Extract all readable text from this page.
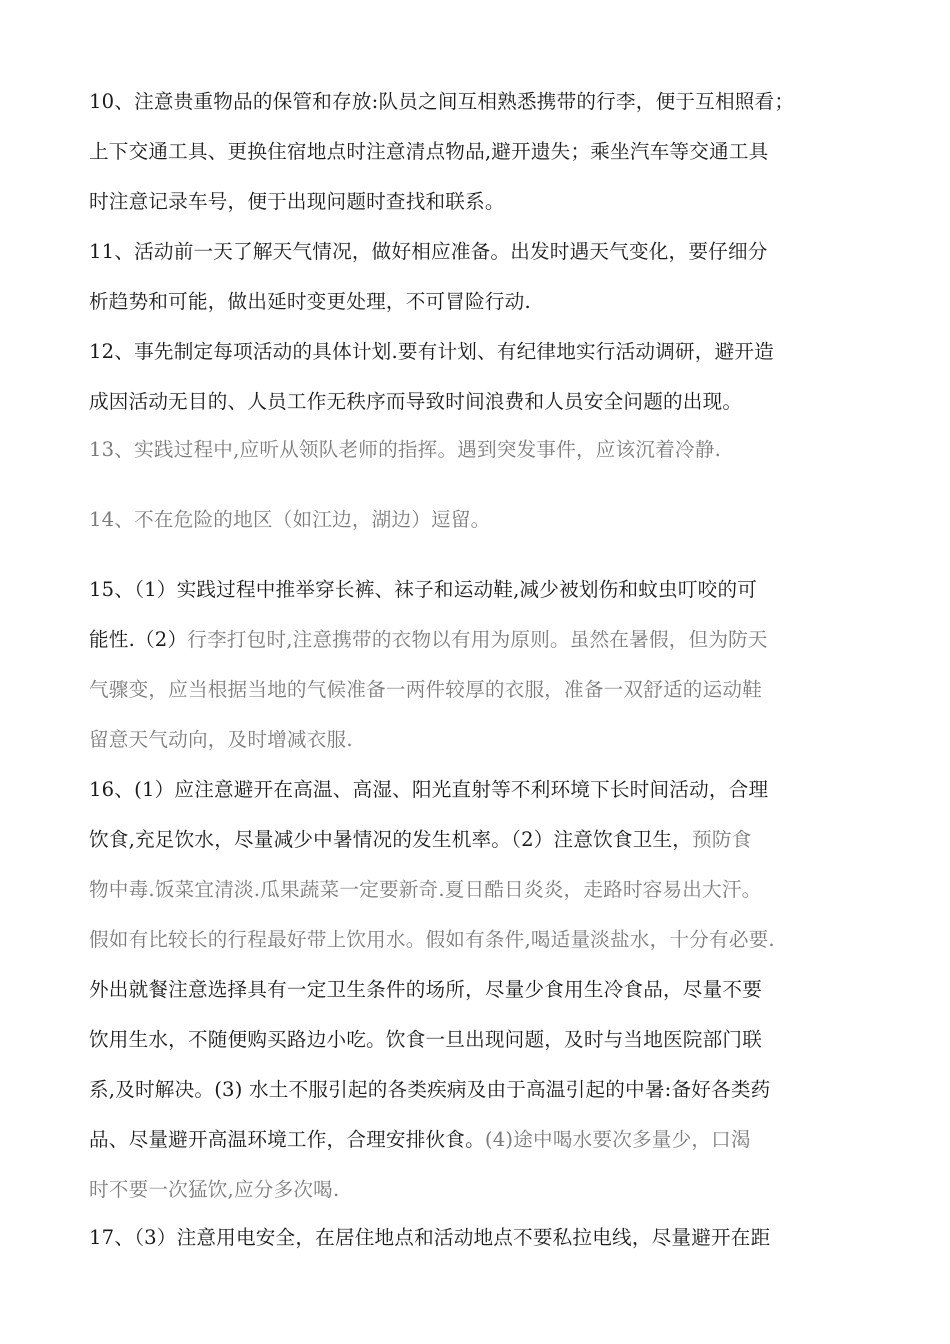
10、注意贵重物品的保管和存放:队员之间互相熟悉携带的行李，便于互相照看；
上下交通工具、更换住宿地点时注意清点物品,避开遗失；乘坐汽车等交通工具
时注意记录车号，便于出现问题时查找和联系。
11、活动前一天了解天气情况，做好相应准备。出发时遇天气变化，要仔细分
析趋势和可能，做出延时变更处理，不可冒险行动.
12、事先制定每项活动的具体计划.要有计划、有纪律地实行活动调研，避开造
成因活动无目的、人员工作无秩序而导致时间浪费和人员安全问题的出现。
13、实践过程中,应听从领队老师的指挥。遇到突发事件，应该沉着冷静.
14、不在危险的地区（如江边，湖边）逗留。
15、（1）实践过程中推举穿长裤、袜子和运动鞋,减少被划伤和蚊虫叮咬的可
能性.（2）行李打包时,注意携带的衣物以有用为原则。虽然在暑假，但为防天
气骤变，应当根据当地的气候准备一两件较厚的衣服，准备一双舒适的运动鞋
留意天气动向，及时增减衣服.
16、(1）应注意避开在高温、高湿、阳光直射等不利环境下长时间活动，合理
饮食,充足饮水，尽量减少中暑情况的发生机率。（2）注意饮食卫生，预防食
物中毒.饭菜宜清淡.瓜果蔬菜一定要新奇.夏日酷日炎炎，走路时容易出大汗。
假如有比较长的行程最好带上饮用水。假如有条件,喝适量淡盐水，十分有必要.
外出就餐注意选择具有一定卫生条件的场所，尽量少食用生冷食品，尽量不要
饮用生水，不随便购买路边小吃。饮食一旦出现问题，及时与当地医院部门联
系,及时解决。(3) 水土不服引起的各类疾病及由于高温引起的中暑:备好各类药
品、尽量避开高温环境工作，合理安排伙食。(4)途中喝水要次多量少，口渴
时不要一次猛饮,应分多次喝.
17、（3）注意用电安全，在居住地点和活动地点不要私拉电线，尽量避开在距
